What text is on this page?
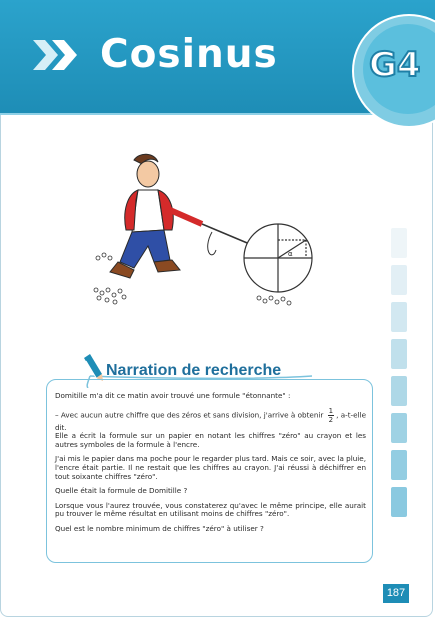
Cosinus	G4
α
Narration de recherche

Domitille m'a dit ce matin avoir trouvé une formule "étonnante" :

– Avec aucun autre chiffre que des zéros et sans division, j'arrive à obtenir $\frac{1}{2}$ , a-t-elle dit.

Elle a écrit la formule sur un papier en notant les chiffres "zéro" au crayon et les autres symboles de la formule à l'encre.

J'ai mis le papier dans ma poche pour le regarder plus tard. Mais ce soir, avec la pluie, l'encre était partie. Il ne restait que les chiffres au crayon. J'ai réussi à déchiffrer en tout soixante chiffres "zéro".

Quelle était la formule de Domitille ?

Lorsque vous l'aurez trouvée, vous constaterez qu'avec le même principe, elle aurait pu trouver le même résultat en utilisant moins de chiffres "zéro".

Quel est le nombre minimum de chiffres "zéro" à utiliser ?

187
